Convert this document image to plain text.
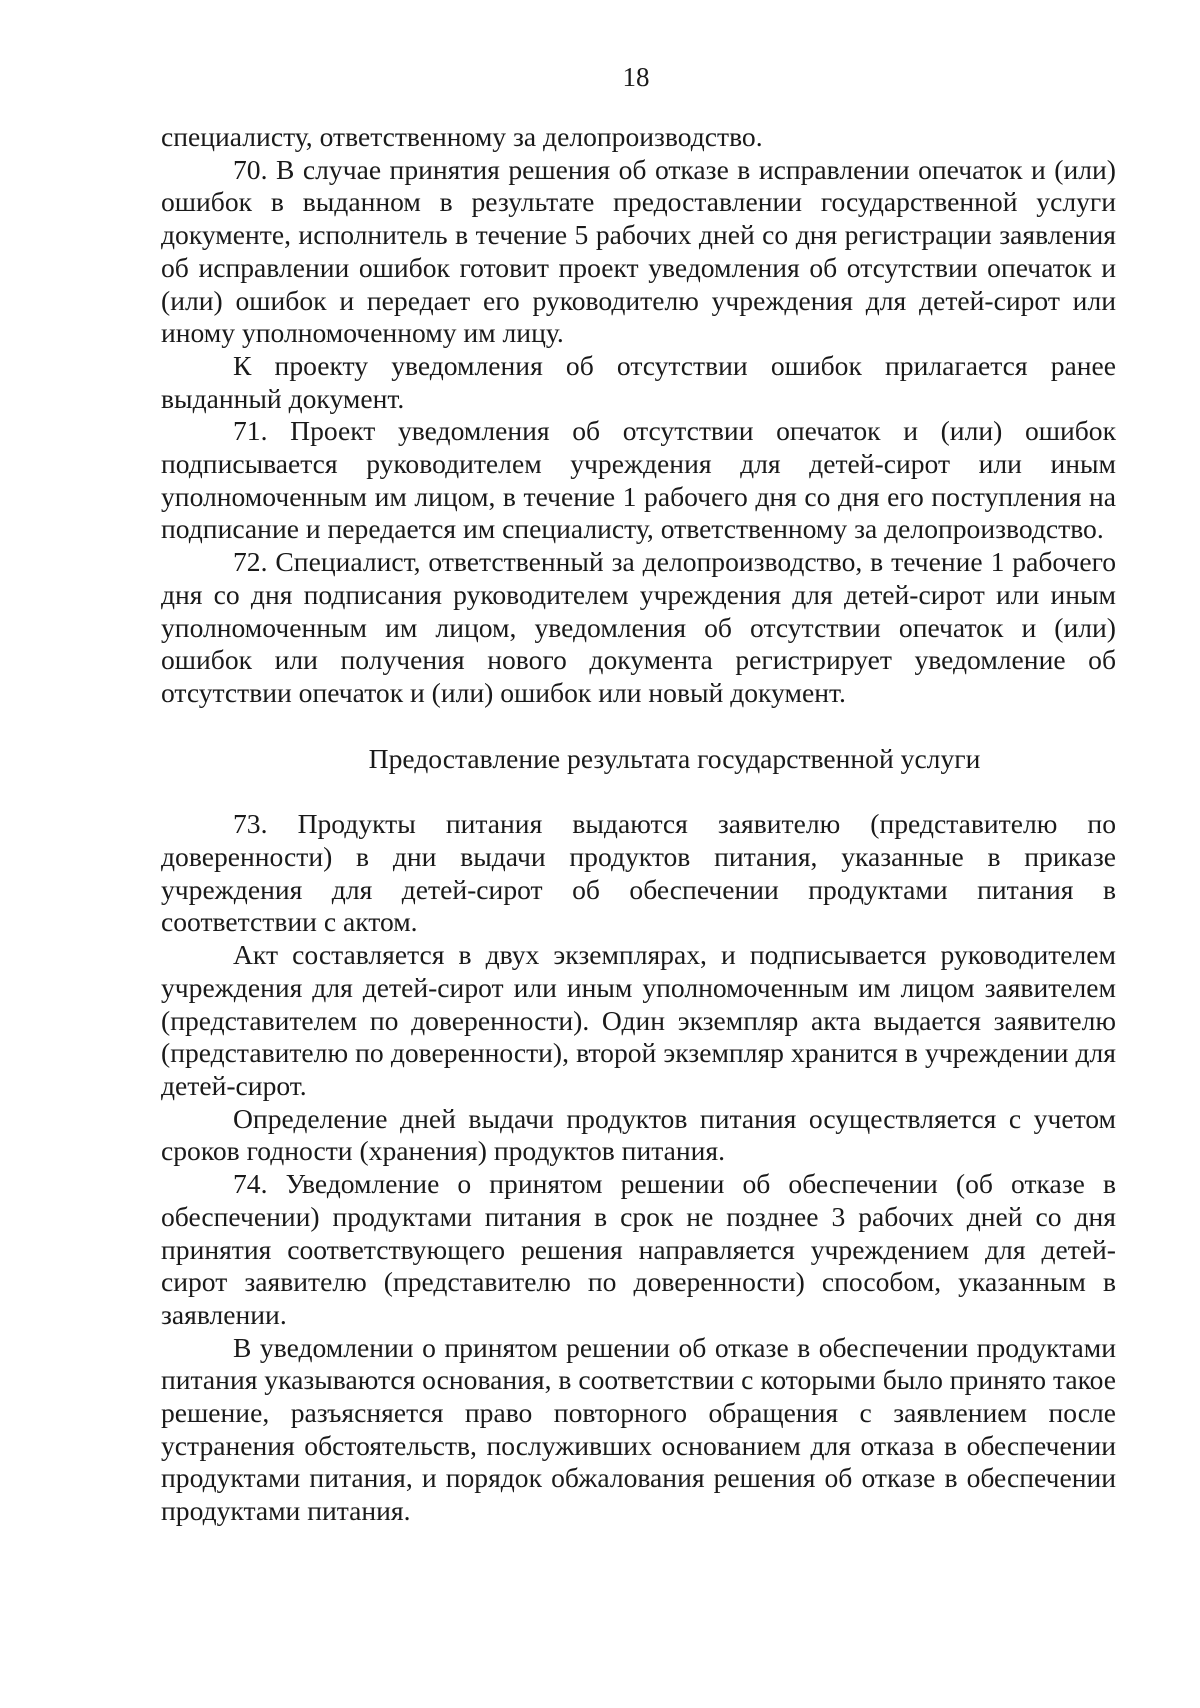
18

специалисту, ответственному за делопроизводство.

70. В случае принятия решения об отказе в исправлении опечаток и (или) ошибок в выданном в результате предоставлении государственной услуги документе, исполнитель в течение 5 рабочих дней со дня регистрации заявления об исправлении ошибок готовит проект уведомления об отсутствии опечаток и (или) ошибок и передает его руководителю учреждения для детей-сирот или иному уполномоченному им лицу.

К проекту уведомления об отсутствии ошибок прилагается ранее выданный документ.

71. Проект уведомления об отсутствии опечаток и (или) ошибок подписывается руководителем учреждения для детей-сирот или иным уполномоченным им лицом, в течение 1 рабочего дня со дня его поступления на подписание и передается им специалисту, ответственному за делопроизводство.

72. Специалист, ответственный за делопроизводство, в течение 1 рабочего дня со дня подписания руководителем учреждения для детей-сирот или иным уполномоченным им лицом, уведомления об отсутствии опечаток и (или) ошибок или получения нового документа регистрирует уведомление об отсутствии опечаток и (или) ошибок или новый документ.

Предоставление результата государственной услуги

73. Продукты питания выдаются заявителю (представителю по доверенности) в дни выдачи продуктов питания, указанные в приказе учреждения для детей-сирот об обеспечении продуктами питания в соответствии с актом.

Акт составляется в двух экземплярах, и подписывается руководителем учреждения для детей-сирот или иным уполномоченным им лицом заявителем (представителем по доверенности). Один экземпляр акта выдается заявителю (представителю по доверенности), второй экземпляр хранится в учреждении для детей-сирот.

Определение дней выдачи продуктов питания осуществляется с учетом сроков годности (хранения) продуктов питания.

74. Уведомление о принятом решении об обеспечении (об отказе в обеспечении) продуктами питания в срок не позднее 3 рабочих дней со дня принятия соответствующего решения направляется учреждением для детей-сирот заявителю (представителю по доверенности) способом, указанным в заявлении.

В уведомлении о принятом решении об отказе в обеспечении продуктами питания указываются основания, в соответствии с которыми было принято такое решение, разъясняется право повторного обращения с заявлением после устранения обстоятельств, послуживших основанием для отказа в обеспечении продуктами питания, и порядок обжалования решения об отказе в обеспечении продуктами питания.
